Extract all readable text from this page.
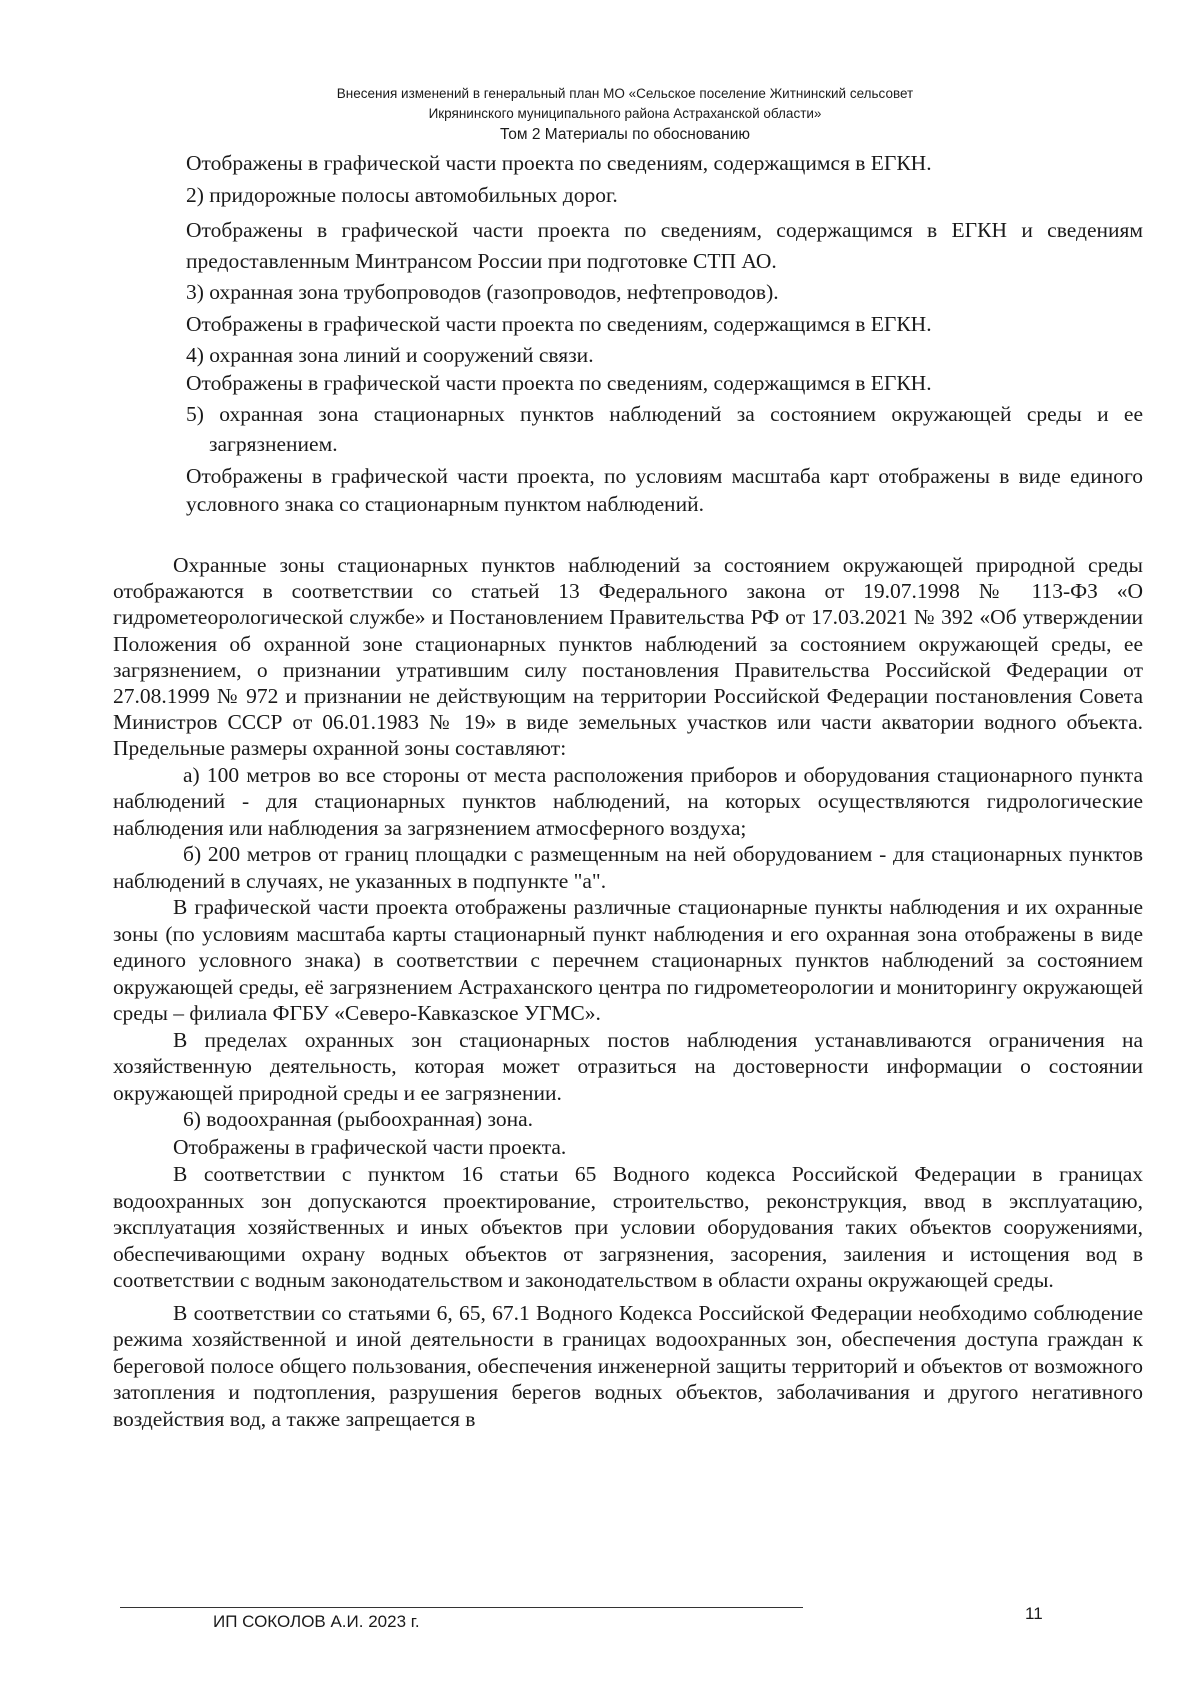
Внесения изменений в генеральный план МО «Сельское поселение Житнинский сельсовет
Икрянинского муниципального района Астраханской области»
Том 2 Материалы по обоснованию

Отображены в графической части проекта по сведениям, содержащимся в ЕГКН.

2) придорожные полосы автомобильных дорог.

Отображены в графической части проекта по сведениям, содержащимся в ЕГКН и сведениям предоставленным Минтрансом России при подготовке СТП АО.

3) охранная зона трубопроводов (газопроводов, нефтепроводов).

Отображены в графической части проекта по сведениям, содержащимся в ЕГКН.

4) охранная зона линий и сооружений связи.

Отображены в графической части проекта по сведениям, содержащимся в ЕГКН.

5) охранная зона стационарных пунктов наблюдений за состоянием окружающей среды и ее загрязнением.

Отображены в графической части проекта, по условиям масштаба карт отображены в виде единого условного знака со стационарным пунктом наблюдений.

Охранные зоны стационарных пунктов наблюдений за состоянием окружающей природной среды отображаются в соответствии со статьей 13 Федерального закона от 19.07.1998 № 113-ФЗ «О гидрометеорологической службе» и Постановлением Правительства РФ от 17.03.2021 № 392 «Об утверждении Положения об охранной зоне стационарных пунктов наблюдений за состоянием окружающей среды, ее загрязнением, о признании утратившим силу постановления Правительства Российской Федерации от 27.08.1999 № 972 и признании не действующим на территории Российской Федерации постановления Совета Министров СССР от 06.01.1983 № 19» в виде земельных участков или части акватории водного объекта. Предельные размеры охранной зоны составляют:

а) 100 метров во все стороны от места расположения приборов и оборудования стационарного пункта наблюдений - для стационарных пунктов наблюдений, на которых осуществляются гидрологические наблюдения или наблюдения за загрязнением атмосферного воздуха;

б) 200 метров от границ площадки с размещенным на ней оборудованием - для стационарных пунктов наблюдений в случаях, не указанных в подпункте "а".

В графической части проекта отображены различные стационарные пункты наблюдения и их охранные зоны (по условиям масштаба карты стационарный пункт наблюдения и его охранная зона отображены в виде единого условного знака) в соответствии с перечнем стационарных пунктов наблюдений за состоянием окружающей среды, её загрязнением Астраханского центра по гидрометеорологии и мониторингу окружающей среды – филиала ФГБУ «Северо-Кавказское УГМС».

В пределах охранных зон стационарных постов наблюдения устанавливаются ограничения на хозяйственную деятельность, которая может отразиться на достоверности информации о состоянии окружающей природной среды и ее загрязнении.

6) водоохранная (рыбоохранная) зона.

Отображены в графической части проекта.

В соответствии с пунктом 16 статьи 65 Водного кодекса Российской Федерации в границах водоохранных зон допускаются проектирование, строительство, реконструкция, ввод в эксплуатацию, эксплуатация хозяйственных и иных объектов при условии оборудования таких объектов сооружениями, обеспечивающими охрану водных объектов от загрязнения, засорения, заиления и истощения вод в соответствии с водным законодательством и законодательством в области охраны окружающей среды.

В соответствии со статьями 6, 65, 67.1 Водного Кодекса Российской Федерации необходимо соблюдение режима хозяйственной и иной деятельности в границах водоохранных зон, обеспечения доступа граждан к береговой полосе общего пользования, обеспечения инженерной защиты территорий и объектов от возможного затопления и подтопления, разрушения берегов водных объектов, заболачивания и другого негативного воздействия вод, а также запрещается в

ИП СОКОЛОВ А.И. 2023 г.	11
